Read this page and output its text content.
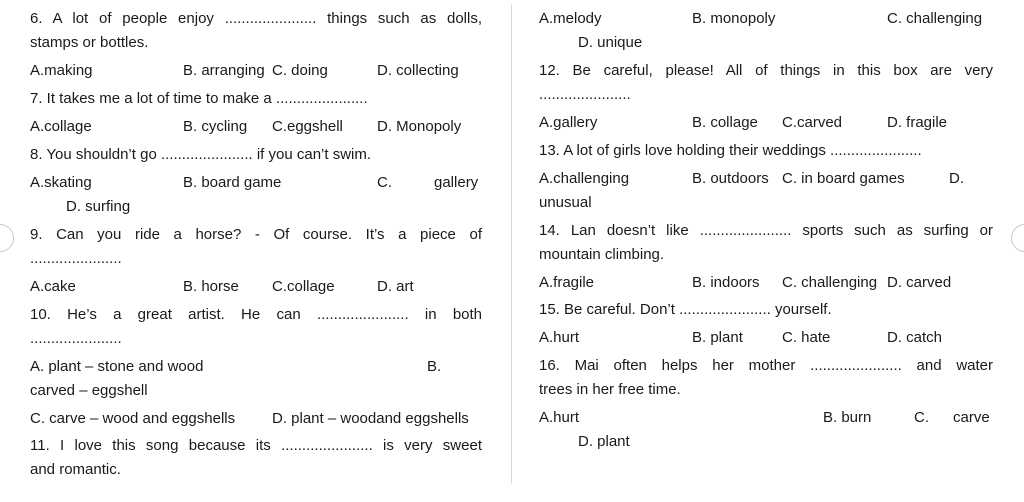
6. A lot of people enjoy ...................... things such as dolls,
stamps or bottles.
A.making	B. arranging C. doing	D. collecting
7. It takes me a lot of time to make a ......................
A.collage	B. cycling C.eggshell D. Monopoly
8. You shouldn’t go ...................... if you can’t swim.
A.skating	B. board game	C.	gallery
D. surfing
9. Can you ride a horse? - Of course. It’s a piece of
......................
A.cake	B. horse C.collage	D. art
10. He’s a great artist. He can ...................... in both
......................
A. plant – stone and wood	B.
carved – eggshell
C. carve – wood and eggshells D. plant – woodand eggshells
11. I love this song because its ...................... is very sweet
and romantic.
A.melody	B. monopoly	C. challenging
D. unique
12. Be careful, please! All of things in this box are very
......................
A.gallery	B. collage C.carved	D. fragile
13. A lot of girls love holding their weddings ......................
A.challenging	B. outdoors C. in board games	D.
unusual
14. Lan doesn’t like ...................... sports such as surfing or
mountain climbing.
A.fragile	B. indoors C. challenging D. carved
15. Be careful. Don’t ...................... yourself.
A.hurt	B. plant	C. hate	D. catch
16. Mai often helps her mother ...................... and water
trees in her free time.
A.hurt	B. burn	C. carve
D. plant
